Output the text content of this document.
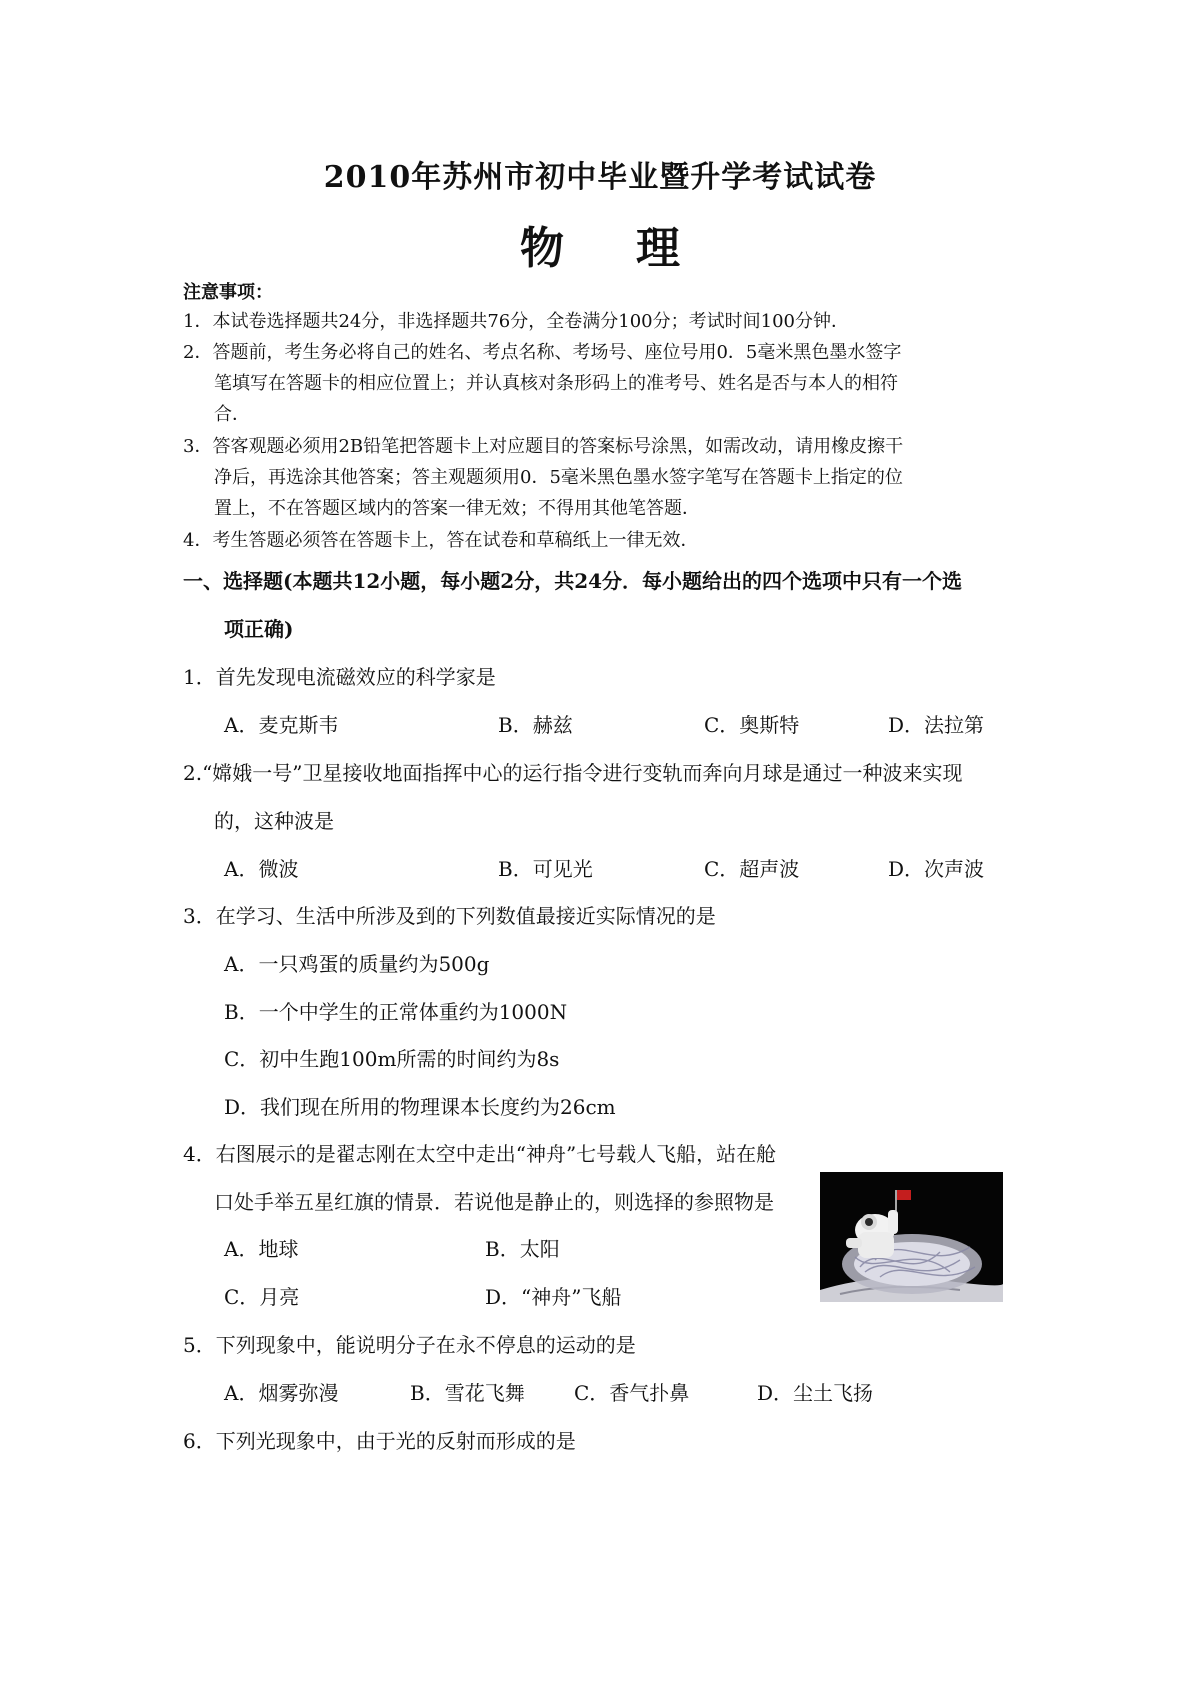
2010年苏州市初中毕业暨升学考试试卷
物 理
注意事项：
1．本试卷选择题共24分，非选择题共76分，全卷满分100分；考试时间100分钟．
2．答题前，考生务必将自己的姓名、考点名称、考场号、座位号用0．5毫米黑色墨水签字
笔填写在答题卡的相应位置上；并认真核对条形码上的准考号、姓名是否与本人的相符
合．
3．答客观题必须用2B铅笔把答题卡上对应题目的答案标号涂黑，如需改动，请用橡皮擦干
净后，再选涂其他答案；答主观题须用0．5毫米黑色墨水签字笔写在答题卡上指定的位
置上，不在答题区域内的答案一律无效；不得用其他笔答题．
4．考生答题必须答在答题卡上，答在试卷和草稿纸上一律无效．
一、选择题(本题共12小题，每小题2分，共24分．每小题给出的四个选项中只有一个选
项正确)
1．首先发现电流磁效应的科学家是
A．麦克斯韦	B．赫兹	C．奥斯特	D．法拉第
2.“嫦娥一号”卫星接收地面指挥中心的运行指令进行变轨而奔向月球是通过一种波来实现
的，这种波是
A．微波	B．可见光	C．超声波	D．次声波
3．在学习、生活中所涉及到的下列数值最接近实际情况的是
A．一只鸡蛋的质量约为500g
B．一个中学生的正常体重约为1000N
C．初中生跑100m所需的时间约为8s
D．我们现在所用的物理课本长度约为26cm
4．右图展示的是翟志刚在太空中走出“神舟”七号载人飞船，站在舱
口处手举五星红旗的情景．若说他是静止的，则选择的参照物是
A．地球	B．太阳
C．月亮	D．“神舟”飞船
5．下列现象中，能说明分子在永不停息的运动的是
A．烟雾弥漫	B．雪花飞舞 C．香气扑鼻	D．尘土飞扬
6．下列光现象中，由于光的反射而形成的是
